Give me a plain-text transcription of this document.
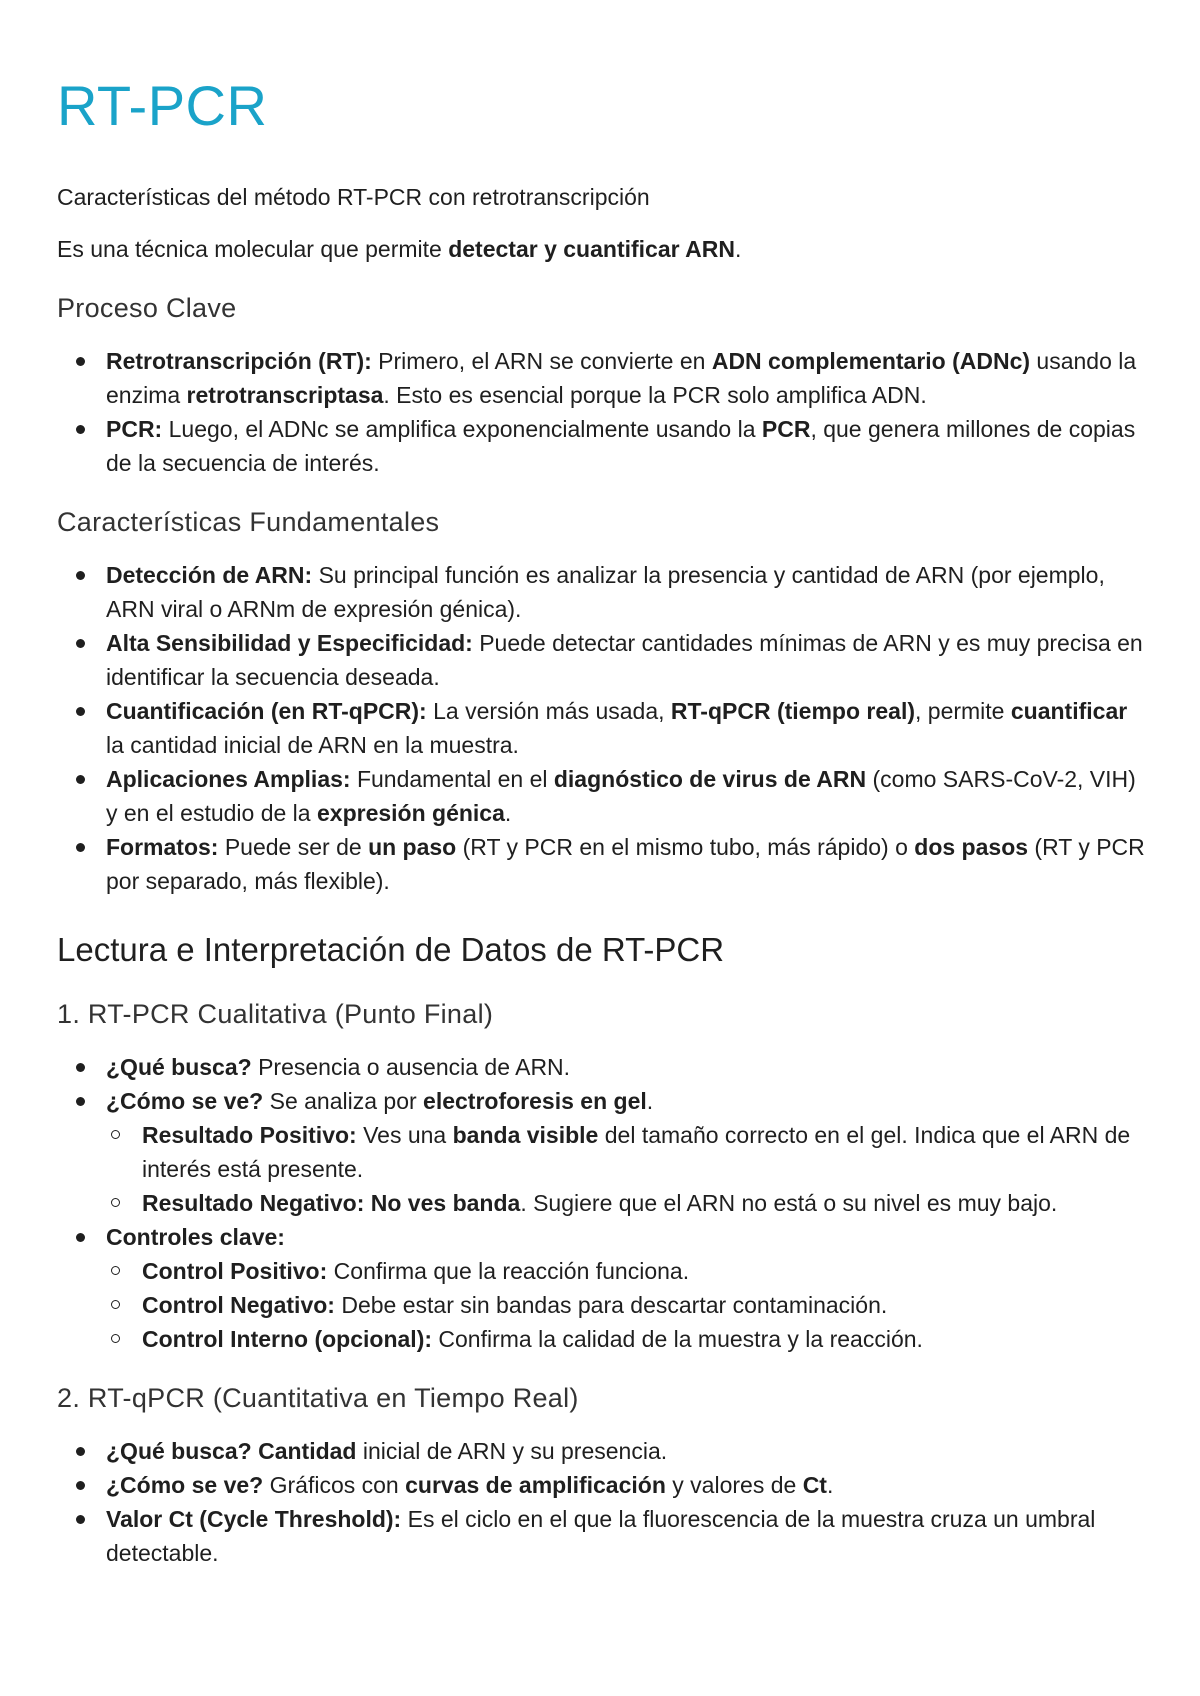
RT-PCR

Características del método RT-PCR con retrotranscripción

Es una técnica molecular que permite detectar y cuantificar ARN.

Proceso Clave
Retrotranscripción (RT): Primero, el ARN se convierte en ADN complementario (ADNc) usando la enzima retrotranscriptasa. Esto es esencial porque la PCR solo amplifica ADN.
PCR: Luego, el ADNc se amplifica exponencialmente usando la PCR, que genera millones de copias de la secuencia de interés.
Características Fundamentales
Detección de ARN: Su principal función es analizar la presencia y cantidad de ARN (por ejemplo, ARN viral o ARNm de expresión génica).
Alta Sensibilidad y Especificidad: Puede detectar cantidades mínimas de ARN y es muy precisa en identificar la secuencia deseada.
Cuantificación (en RT-qPCR): La versión más usada, RT-qPCR (tiempo real), permite cuantificar la cantidad inicial de ARN en la muestra.
Aplicaciones Amplias: Fundamental en el diagnóstico de virus de ARN (como SARS-CoV-2, VIH) y en el estudio de la expresión génica.
Formatos: Puede ser de un paso (RT y PCR en el mismo tubo, más rápido) o dos pasos (RT y PCR por separado, más flexible).
Lectura e Interpretación de Datos de RT-PCR
1. RT-PCR Cualitativa (Punto Final)
¿Qué busca? Presencia o ausencia de ARN.
¿Cómo se ve? Se analiza por electroforesis en gel.
Resultado Positivo: Ves una banda visible del tamaño correcto en el gel. Indica que el ARN de interés está presente.
Resultado Negativo: No ves banda. Sugiere que el ARN no está o su nivel es muy bajo.
Controles clave:
Control Positivo: Confirma que la reacción funciona.
Control Negativo: Debe estar sin bandas para descartar contaminación.
Control Interno (opcional): Confirma la calidad de la muestra y la reacción.
2. RT-qPCR (Cuantitativa en Tiempo Real)
¿Qué busca? Cantidad inicial de ARN y su presencia.
¿Cómo se ve? Gráficos con curvas de amplificación y valores de Ct.
Valor Ct (Cycle Threshold): Es el ciclo en el que la fluorescencia de la muestra cruza un umbral detectable.
